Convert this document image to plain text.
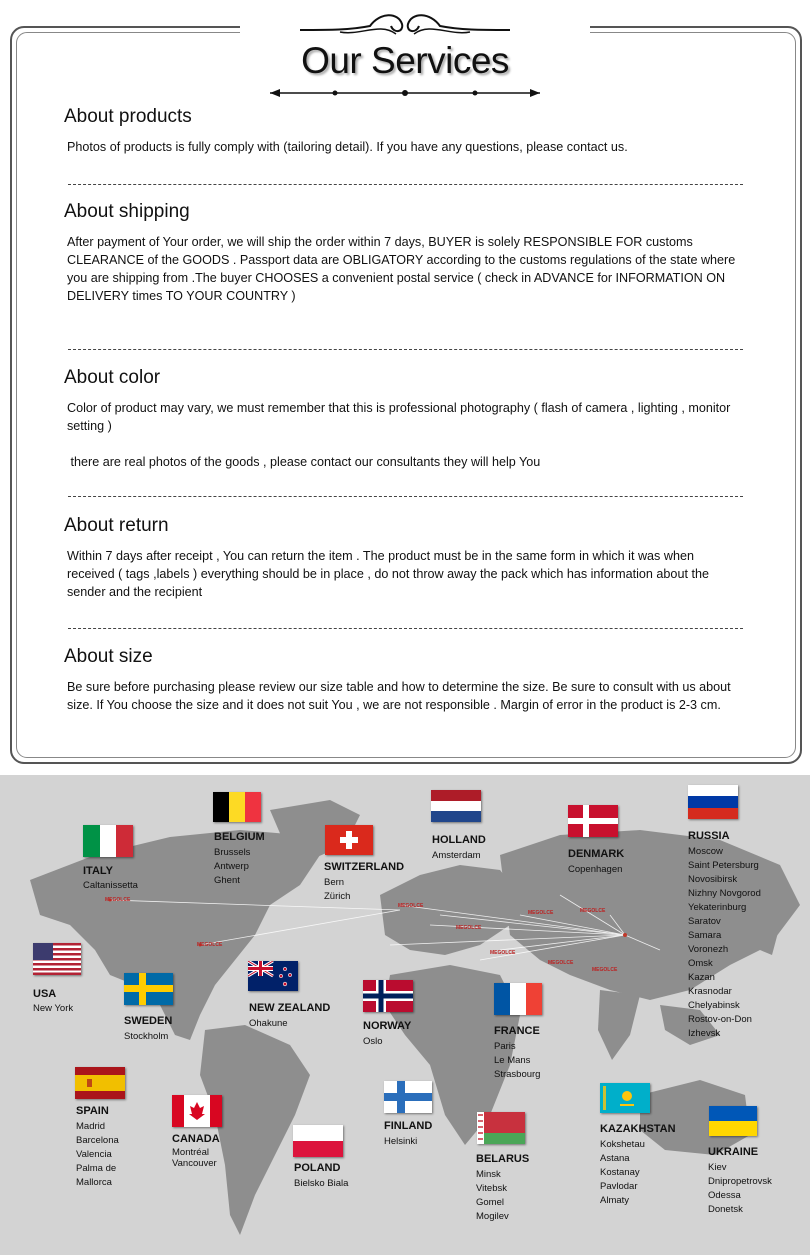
Our Services
About products
Photos of products is fully comply with (tailoring detail). If you have any questions, please contact us.
About shipping
After payment of Your order, we will ship the order within 7 days, BUYER is solely RESPONSIBLE FOR customs
CLEARANCE of the GOODS . Passport data are OBLIGATORY according to the customs regulations of the state where
you are shipping from .The buyer CHOOSES a convenient postal service ( check in ADVANCE for INFORMATION ON
DELIVERY times TO YOUR COUNTRY )
About color
Color of product may vary, we must remember that this is professional photography ( flash of camera , lighting , monitor
setting )
there are real photos of the goods , please contact our consultants they will help You
About return
Within 7 days after receipt , You can return the item . The product must be in the same form in which it was when
received ( tags ,labels ) everything should be in place , do not throw away the pack which has information about the
sender and the recipient
About size
Be sure before purchasing please review our size table and how to determine the size. Be sure to consult with us about
size. If You choose the size and it does not suit You , we are not responsible . Margin of error in the product is 2-3 cm.
MEGOLCE
MEGOLCE
MEGOLCE
MEGOLCE
MEGOLCE	MEGOLCE
MEGOLCE
MEGOLCE
MEGOLCE
ITALY
Caltanissetta
BELGIUM
Brussels
Antwerp
Ghent
SWITZERLAND
Bern
Zürich
HOLLAND
Amsterdam	DENMARK
Copenhagen
RUSSIA
Moscow
Saint Petersburg
Novosibirsk
Nizhny Novgorod
Yekaterinburg
Saratov
Samara
Voronezh
Omsk
Kazan
Krasnodar
Chelyabinsk
Rostov-on-Don
Izhevsk
USA
New York
SWEDEN
Stockholm
NEW ZEALAND
Ohakune	NORWAY
Oslo
FRANCE
Paris
Le Mans
Strasbourg
SPAIN
Madrid
Barcelona
Valencia
Palma de
Mallorca
CANADA
Montréal
Vancouver	POLAND
Bielsko Biala
FINLAND
Helsinki
BELARUS
Minsk
Vitebsk
Gomel
Mogilev
KAZAKHSTAN
Kokshetau
Astana
Kostanay
Pavlodar
Almaty
UKRAINE
Kiev
Dnipropetrovsk
Odessa
Donetsk
